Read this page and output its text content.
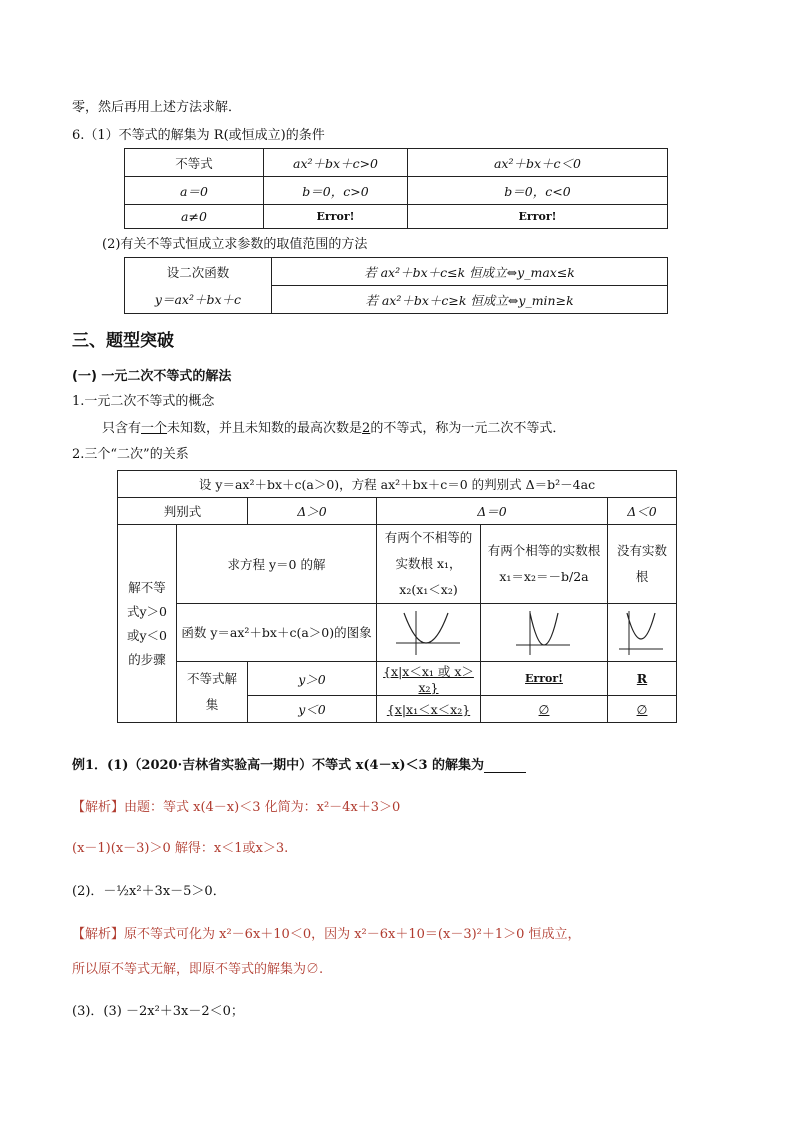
零，然后再用上述方法求解．
6.（1）不等式的解集为 R(或恒成立)的条件
不等式	ax²＋bx＋c>0	ax²＋bx＋c＜0
a＝0	b＝0，c>0	b＝0，c<0
a≠0	Error!	Error!
(2)有关不等式恒成立求参数的取值范围的方法
设二次函数	若 ax²＋bx＋c≤k 恒成立⇔y_max≤k
y＝ax²＋bx＋c	若 ax²＋bx＋c≥k 恒成立⇔y_min≥k
三、题型突破
(一) 一元二次不等式的解法
1.一元二次不等式的概念
只含有一个未知数，并且未知数的最高次数是2的不等式，称为一元二次不等式．
2.三个“二次”的关系
设 y＝ax²＋bx＋c(a＞0)，方程 ax²＋bx＋c＝0 的判别式 Δ＝b²－4ac					
判别式		Δ＞0	Δ＝0		Δ＜0

解不等
式y＞0
或y＜0
的步骤	求方程 y＝0 的解		有两个不相等的实数根 x₁，x₂(x₁＜x₂)	有两个相等的实数根 x₁＝x₂＝－b/2a	没有实数根
	函数 y＝ax²＋bx＋c(a＞0)的图象	

	不等式解集	y＞0	{x|x＜x₁ 或 x＞x₂}	Error!	R
		y＜0	{x|x₁＜x＜x₂}	∅	∅
例1．(1)（2020·吉林省实验高一期中）不等式 x(4－x)＜3 的解集为
【解析】由题：等式 x(4－x)＜3 化简为：x²－4x＋3＞0
(x－1)(x－3)＞0 解得：x＜1或x＞3.
(2)．－½x²＋3x－5＞0．
【解析】原不等式可化为 x²－6x＋10＜0，因为 x²－6x＋10＝(x－3)²＋1＞0 恒成立，
所以原不等式无解，即原不等式的解集为∅.
(3)．(3) －2x²＋3x－2＜0；
